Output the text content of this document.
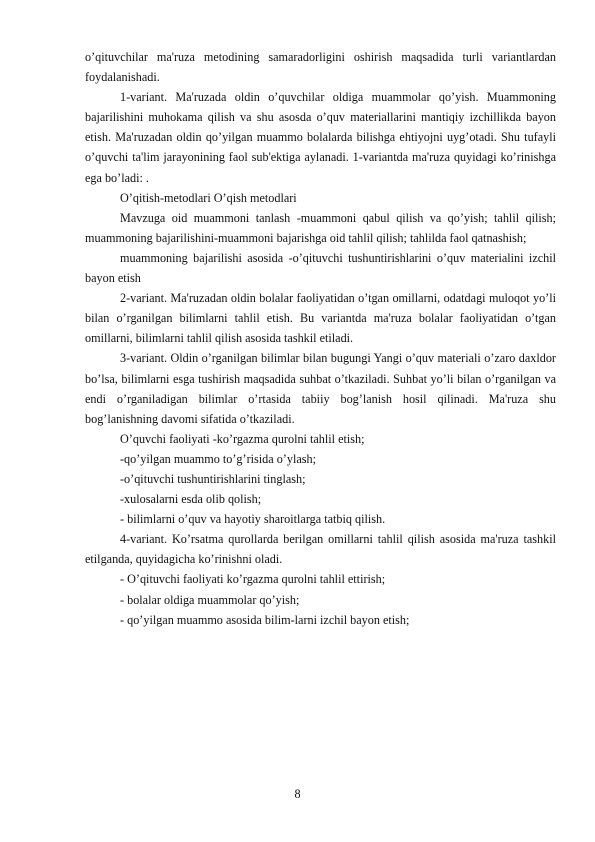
o’qituvchilar ma'ruza metodining samaradorligini oshirish maqsadida turli variantlardan foydalanishadi.

1-variant. Ma'ruzada oldin o’quvchilar oldiga muammolar qo’yish. Muammoning bajarilishini muhokama qilish va shu asosda o’quv materiallarini mantiqiy izchillikda bayon etish. Ma'ruzadan oldin qo’yilgan muammo bolalarda bilishga ehtiyojni uyg’otadi. Shu tufayli o’quvchi ta'lim jarayonining faol sub'ektiga aylanadi. 1-variantda ma'ruza quyidagi ko’rinishga ega bo’ladi: .

O’qitish-metodlari O’qish metodlari

Mavzuga oid muammoni tanlash -muammoni qabul qilish va qo’yish; tahlil qilish; muammoning bajarilishini-muammoni bajarishga oid tahlil qilish; tahlilda faol qatnashish;

muammoning bajarilishi asosida -o’qituvchi tushuntirishlarini o’quv materialini izchil bayon etish

2-variant. Ma'ruzadan oldin bolalar faoliyatidan o’tgan omillarni, odatdagi muloqot yo’li bilan o’rganilgan bilimlarni tahlil etish. Bu variantda ma'ruza bolalar faoliyatidan o’tgan omillarni, bilimlarni tahlil qilish asosida tashkil etiladi.

3-variant. Oldin o’rganilgan bilimlar bilan bugungi Yangi o’quv materiali o’zaro daxldor bo’lsa, bilimlarni esga tushirish maqsadida suhbat o’tkaziladi. Suhbat yo’li bilan o’rganilgan va endi o’rganiladigan bilimlar o’rtasida tabiiy bog’lanish hosil qilinadi. Ma'ruza shu bog’lanishning davomi sifatida o’tkaziladi.

O’quvchi faoliyati -ko’rgazma qurolni tahlil etish;

-qo’yilgan muammo to’g’risida o’ylash;

-o’qituvchi tushuntirishlarini tinglash;

-xulosalarni esda olib qolish;

- bilimlarni o’quv va hayotiy sharoitlarga tatbiq qilish.

4-variant. Ko’rsatma qurollarda berilgan omillarni tahlil qilish asosida ma'ruza tashkil etilganda, quyidagicha ko’rinishni oladi.

- O’qituvchi faoliyati ko’rgazma qurolni tahlil ettirish;

- bolalar oldiga muammolar qo’yish;

- qo’yilgan muammo asosida bilim-larni izchil bayon etish;

8
